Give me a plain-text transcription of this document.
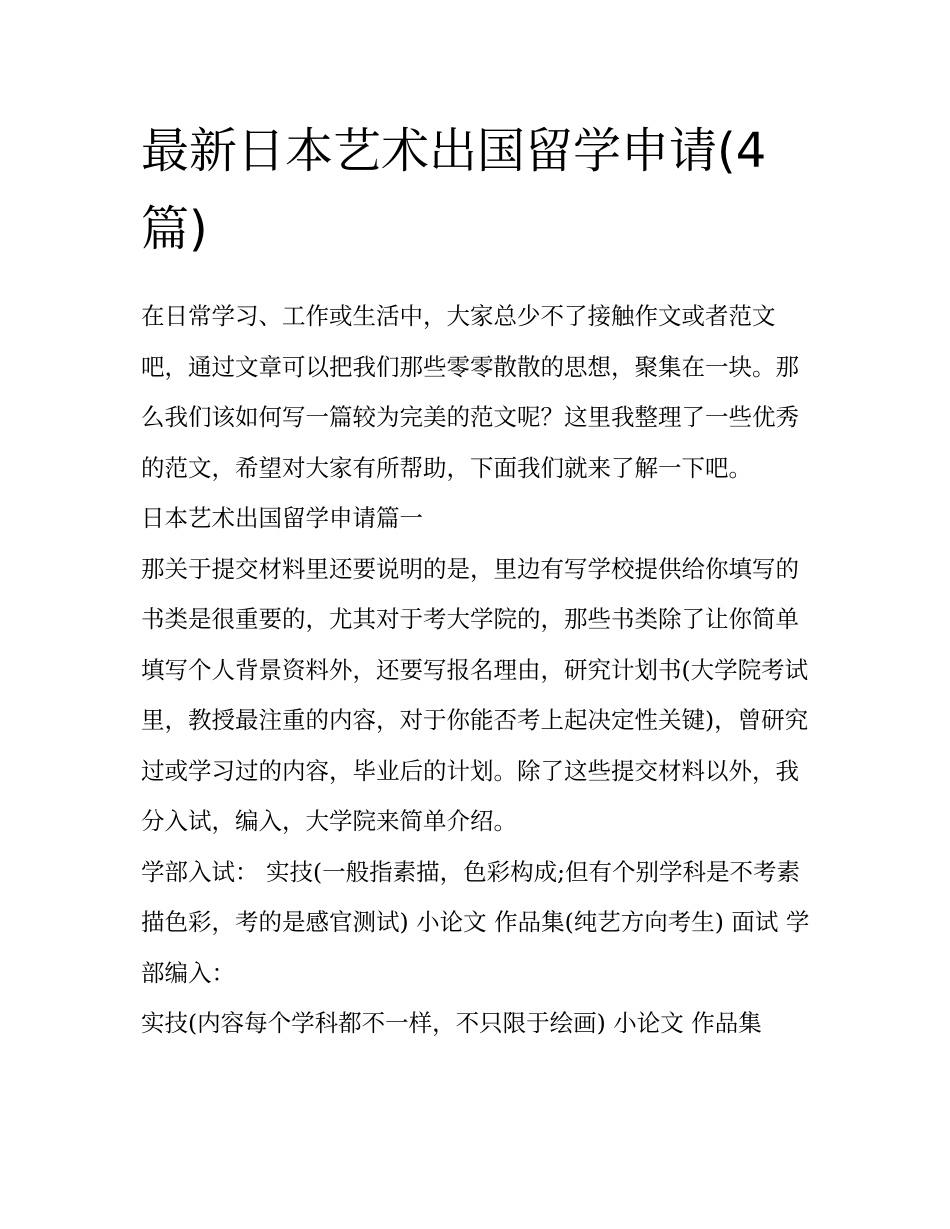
最新日本艺术出国留学申请(4篇)

在日常学习、工作或生活中，大家总少不了接触作文或者范文吧，通过文章可以把我们那些零零散散的思想，聚集在一块。那么我们该如何写一篇较为完美的范文呢？这里我整理了一些优秀的范文，希望对大家有所帮助，下面我们就来了解一下吧。

日本艺术出国留学申请篇一

那关于提交材料里还要说明的是，里边有写学校提供给你填写的书类是很重要的，尤其对于考大学院的，那些书类除了让你简单填写个人背景资料外，还要写报名理由，研究计划书(大学院考试里，教授最注重的内容，对于你能否考上起决定性关键)，曾研究过或学习过的内容，毕业后的计划。除了这些提交材料以外，我分入试，编入，大学院来简单介绍。

学部入试： 实技(一般指素描，色彩构成;但有个别学科是不考素描色彩，考的是感官测试) 小论文 作品集(纯艺方向考生) 面试 学部编入：

实技(内容每个学科都不一样，不只限于绘画) 小论文 作品集
